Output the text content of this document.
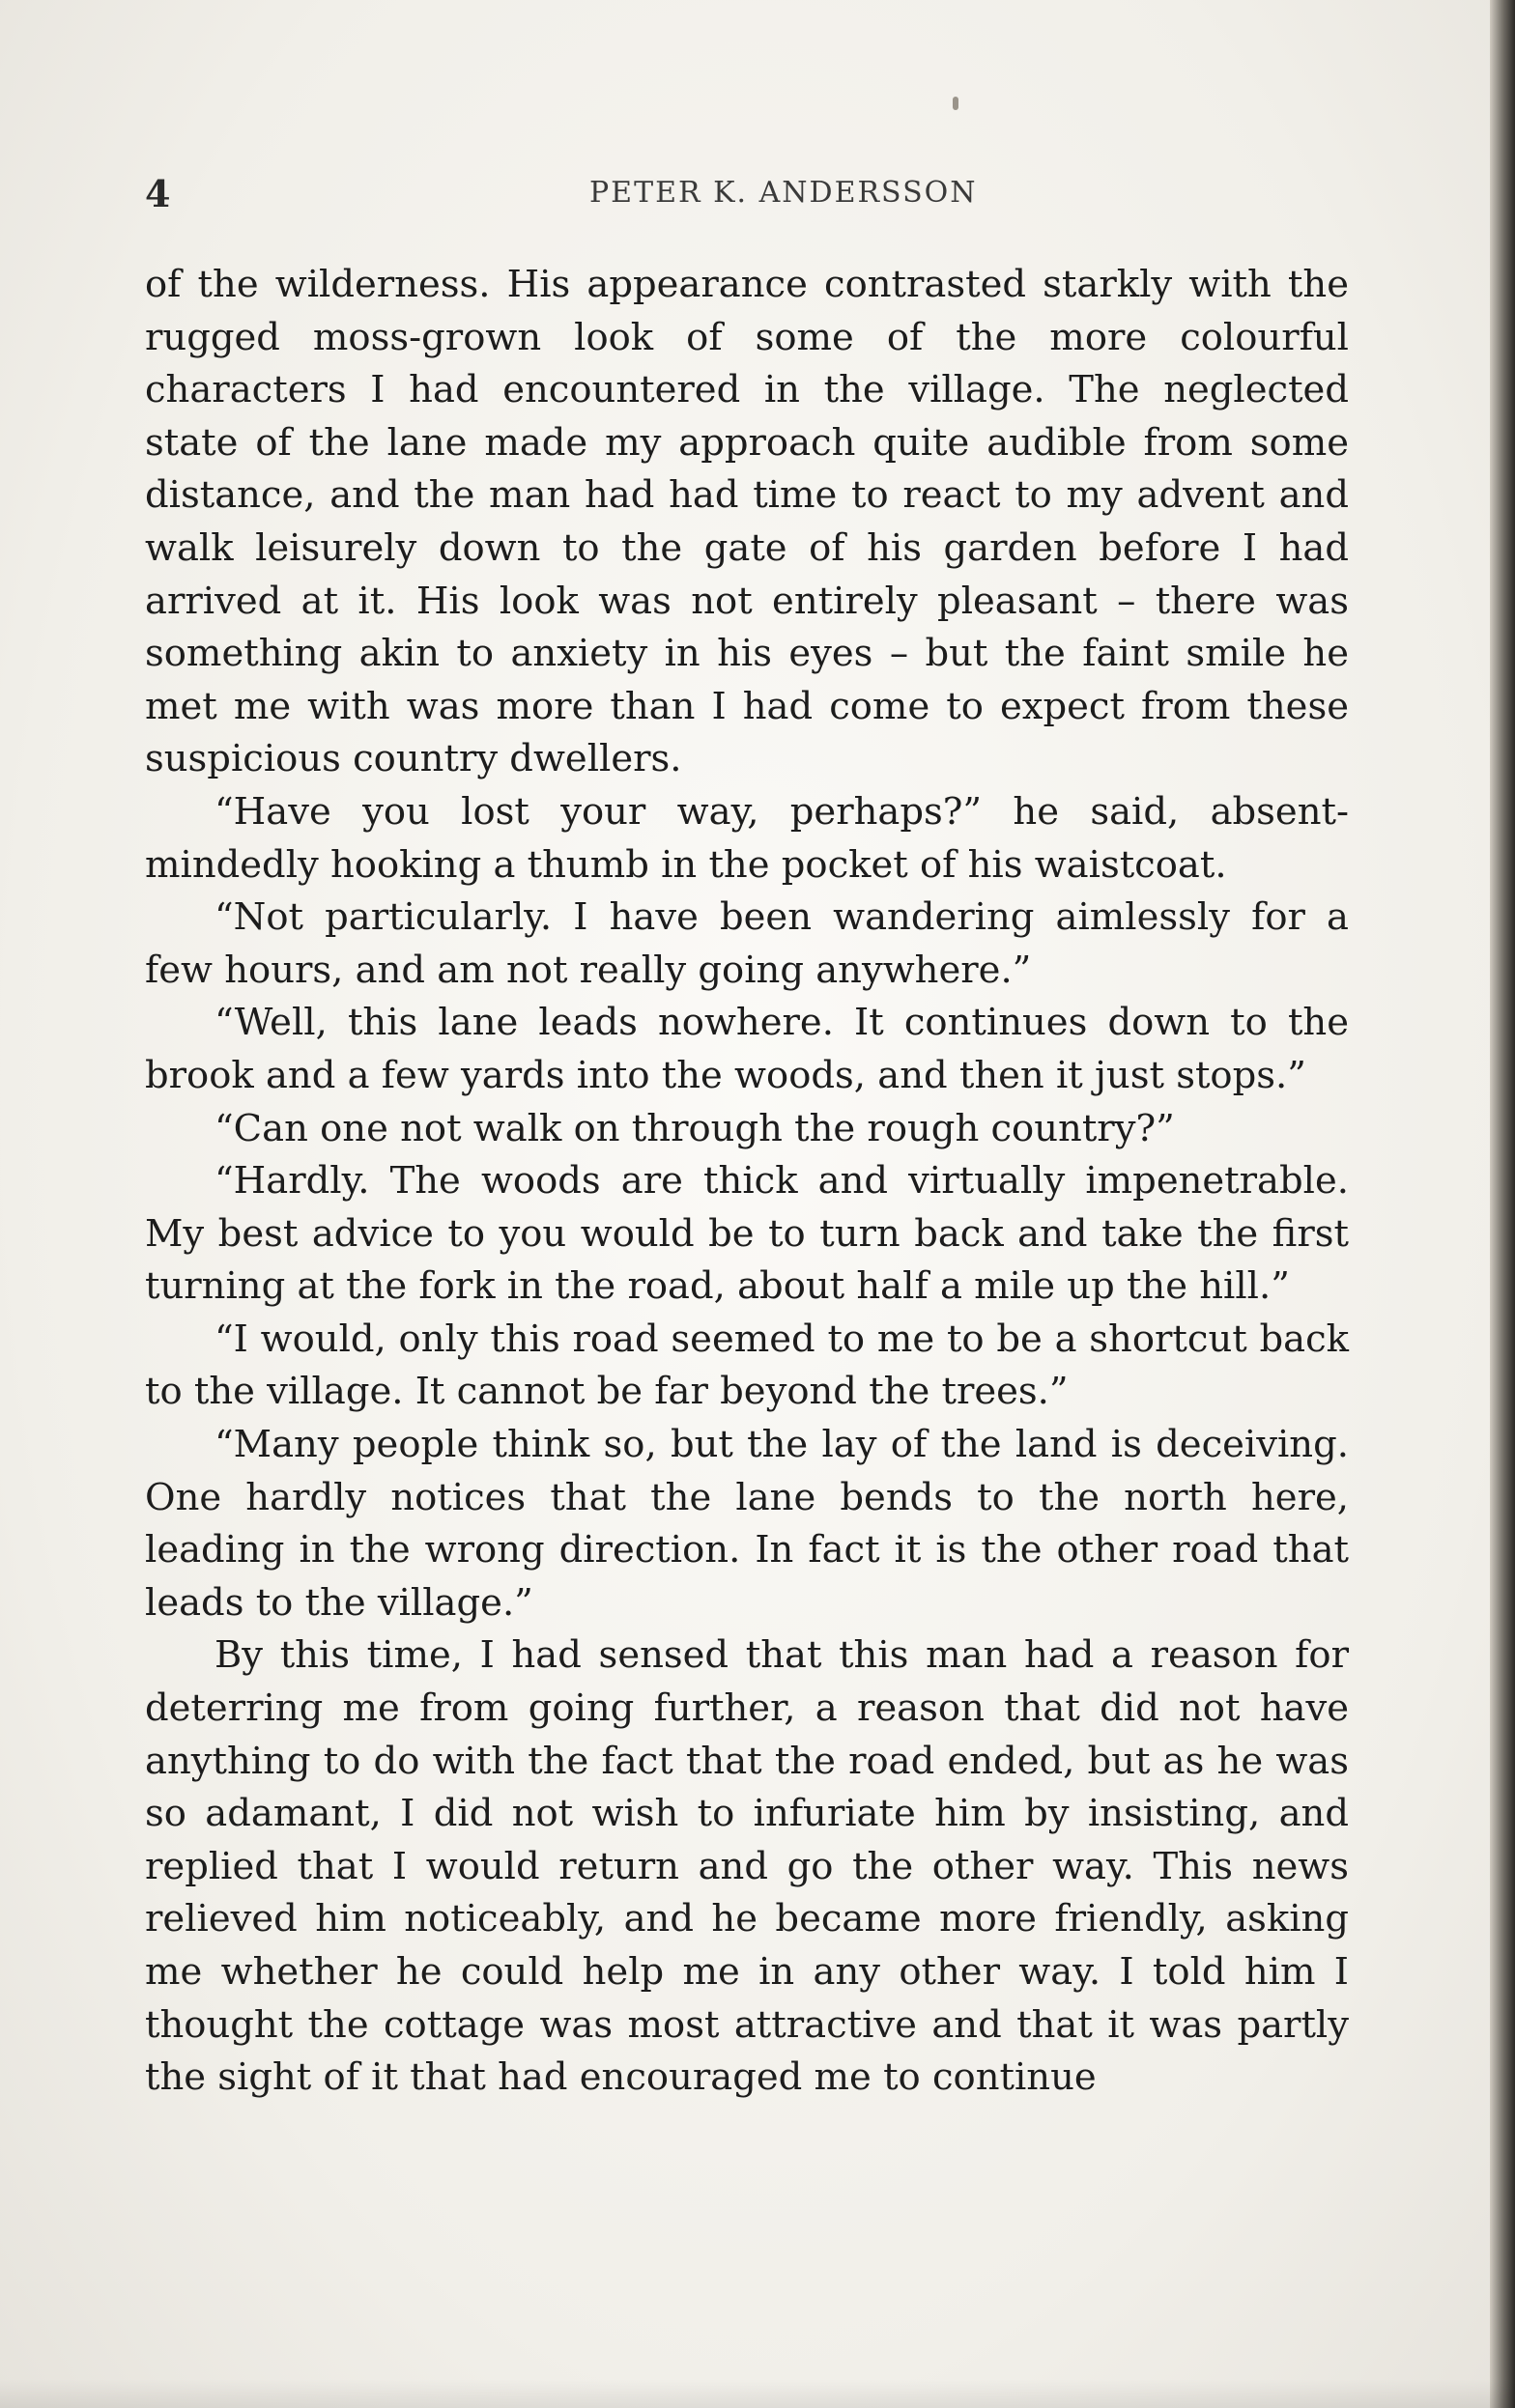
4	PETER K. ANDERSSON

of the wilderness. His appearance contrasted starkly with the rugged moss-grown look of some of the more colourful characters I had encountered in the village. The neglected state of the lane made my approach quite audible from some distance, and the man had had time to react to my advent and walk leisurely down to the gate of his garden before I had arrived at it. His look was not entirely pleasant – there was something akin to anxiety in his eyes – but the faint smile he met me with was more than I had come to expect from these suspicious country dwellers.

“Have you lost your way, perhaps?” he said, absent-mindedly hooking a thumb in the pocket of his waistcoat.

“Not particularly. I have been wandering aimlessly for a few hours, and am not really going anywhere.”

“Well, this lane leads nowhere. It continues down to the brook and a few yards into the woods, and then it just stops.”

“Can one not walk on through the rough country?”

“Hardly. The woods are thick and virtually impenetrable. My best advice to you would be to turn back and take the first turning at the fork in the road, about half a mile up the hill.”

“I would, only this road seemed to me to be a shortcut back to the village. It cannot be far beyond the trees.”

“Many people think so, but the lay of the land is deceiving. One hardly notices that the lane bends to the north here, leading in the wrong direction. In fact it is the other road that leads to the village.”

By this time, I had sensed that this man had a reason for deterring me from going further, a reason that did not have anything to do with the fact that the road ended, but as he was so adamant, I did not wish to infuriate him by insisting, and replied that I would return and go the other way. This news relieved him noticeably, and he became more friendly, asking me whether he could help me in any other way. I told him I thought the cottage was most attractive and that it was partly the sight of it that had encouraged me to continue
